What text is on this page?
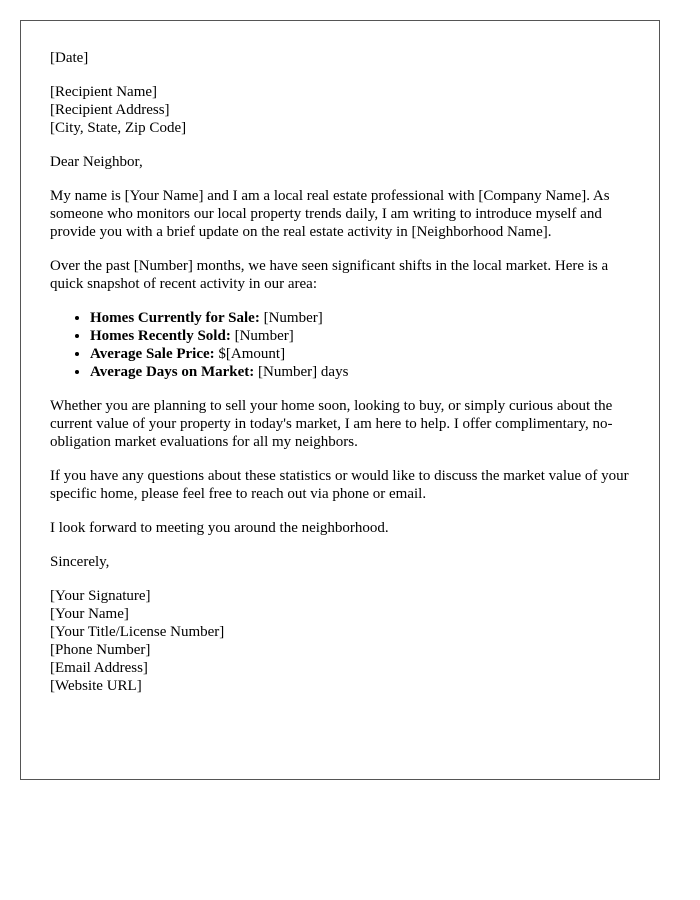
[Date]
[Recipient Name]
[Recipient Address]
[City, State, Zip Code]

Dear Neighbor,

My name is [Your Name] and I am a local real estate professional with [Company Name]. As someone who monitors our local property trends daily, I am writing to introduce myself and provide you with a brief update on the real estate activity in [Neighborhood Name].

Over the past [Number] months, we have seen significant shifts in the local market. Here is a quick snapshot of recent activity in our area:

• Homes Currently for Sale: [Number]
• Homes Recently Sold: [Number]
• Average Sale Price: $[Amount]
• Average Days on Market: [Number] days

Whether you are planning to sell your home soon, looking to buy, or simply curious about the current value of your property in today's market, I am here to help. I offer complimentary, no-obligation market evaluations for all my neighbors.

If you have any questions about these statistics or would like to discuss the market value of your specific home, please feel free to reach out via phone or email.

I look forward to meeting you around the neighborhood.

Sincerely,

[Your Signature]
[Your Name]
[Your Title/License Number]
[Phone Number]
[Email Address]
[Website URL]
